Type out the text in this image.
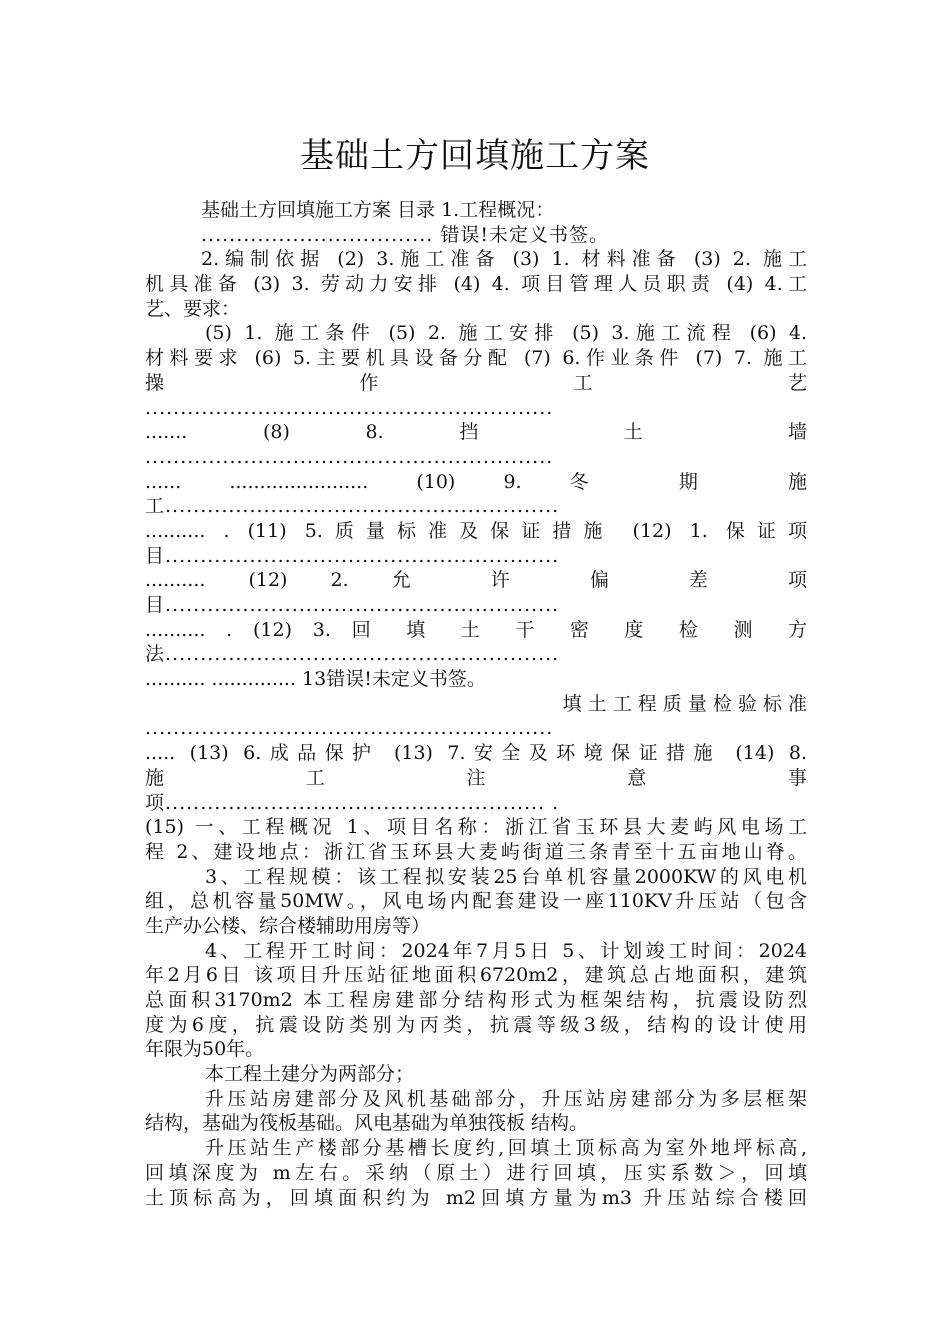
基础土方回填施工方案
基础土方回填施工方案 目录 1.工程概况：
................................. 错误!未定义书签。
2.编制依据 (2) 3.施工准备 (3) 1. 材料准备 (3) 2. 施工
机具准备 (3) 3. 劳动力安排 (4) 4. 项目管理人员职责 (4) 4.工
艺、要求：
(5) 1. 施工条件 (5) 2. 施工安排 (5) 3.施工流程 (6) 4.
材料要求 (6) 5.主要机具设备分配 (7) 6.作业条件 (7) 7. 施工
操 作 工 艺
..........................................................
....... (8) 8. 挡 土 墙
..........................................................
...... ....................... (10) 9. 冬 期 施
工........................................................
.......... . (11) 5.质量标准及保证措施 (12) 1. 保证项
目........................................................
.......... (12) 2. 允 许 偏 差 项
目........................................................
.......... . (12) 3. 回 填 土 干 密 度 检 测 方
法........................................................
.......... .............. 13错误!未定义书签。
填 土 工 程 质 量 检 验 标 准
..........................................................
..... (13) 6.成品保护 (13) 7.安全及环境保证措施 (14) 8.
施 工 注 意 事
项...................................................... .
(15) 一、工程概况 1、项目名称：浙江省玉环县大麦屿风电场工
程 2、建设地点：浙江省玉环县大麦屿街道三条青至十五亩地山脊。
3、工程规模：该工程拟安装25台单机容量2000KW的风电机
组，总机容量50MW。，风电场内配套建设一座110KV升压站（包含
生产办公楼、综合楼辅助用房等）
4、工程开工时间：2024年7月5日 5、计划竣工时间：2024
年2月6日 该项目升压站征地面积6720m2，建筑总占地面积，建筑
总面积3170m2 本工程房建部分结构形式为框架结构，抗震设防烈
度为6度，抗震设防类别为丙类，抗震等级3级，结构的设计使用
年限为50年。
本工程土建分为两部分；
升压站房建部分及风机基础部分，升压站房建部分为多层框架
结构，基础为筏板基础。风电基础为单独筏板 结构。
升压站生产楼部分基槽长度约,回填土顶标高为室外地坪标高,
回填深度为 m左右。采纳（原土）进行回填，压实系数＞，回填
土顶标高为，回填面积约为 m2回填方量为m3 升压站综合楼回
